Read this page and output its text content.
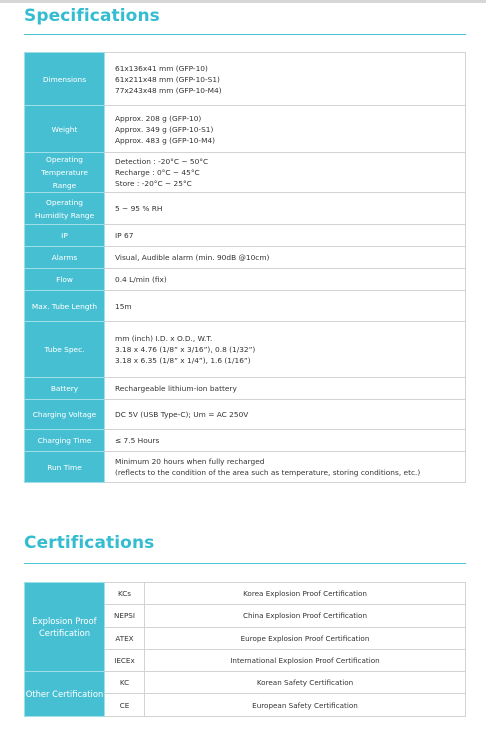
Specifications
Dimensions	61x136x41 mm (GFP-10)
61x211x48 mm (GFP-10-S1)
77x243x48 mm (GFP-10-M4)

Weight	Approx. 208 g (GFP-10)
Approx. 349 g (GFP-10-S1)
Approx. 483 g (GFP-10-M4)

Operating Temperature Range	Detection : -20°C ~ 50°C
Recharge : 0°C ~ 45°C
Store : -20°C ~ 25°C

Operating Humidity Range	5 ~ 95 % RH

IP	IP 67

Alarms	Visual, Audible alarm (min. 90dB @10cm)

Flow	0.4 L/min (fix)

Max. Tube Length	15m

Tube Spec.	mm (inch) I.D. x O.D., W.T.
3.18 x 4.76 (1/8” x 3/16”), 0.8 (1/32”)
3.18 x 6.35 (1/8” x 1/4”), 1.6 (1/16”)

Battery	Rechargeable lithium-ion battery

Charging Voltage	DC 5V (USB Type-C); Um = AC 250V

Charging Time	≤ 7.5 Hours

Run Time	Minimum 20 hours when fully recharged
(reflects to the condition of the area such as temperature, storing conditions, etc.)
Certifications
Explosion Proof Certification	KCs	Korea Explosion Proof Certification
	NEPSI	China Explosion Proof Certification
	ATEX	Europe Explosion Proof Certification
	IECEx	International Explosion Proof Certification
Other Certification	KC	Korean Safety Certification
	CE	European Safety Certification
